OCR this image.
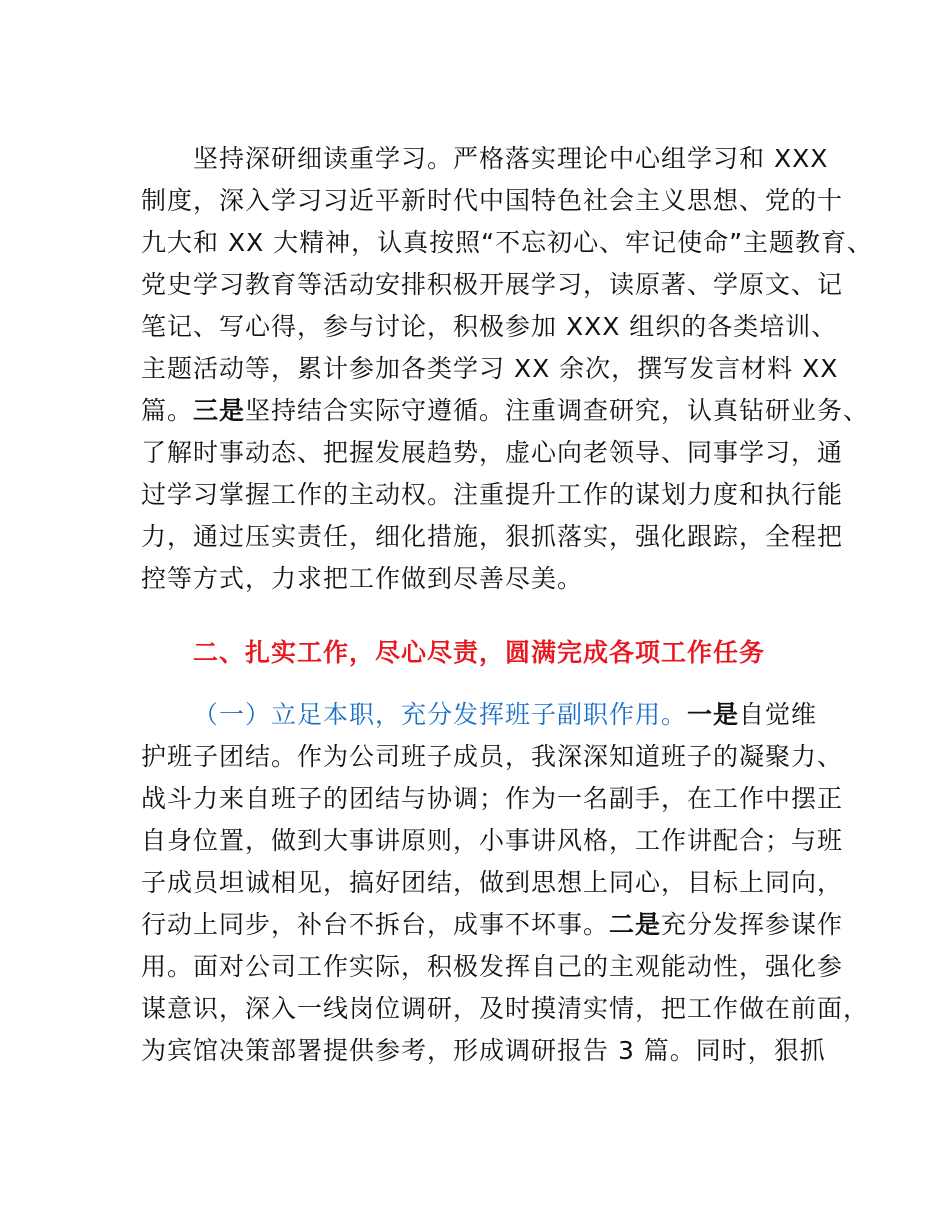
坚持深研细读重学习。严格落实理论中心组学习和 XXX
制度，深入学习习近平新时代中国特色社会主义思想、党的十
九大和 XX 大精神，认真按照“不忘初心、牢记使命”主题教育、
党史学习教育等活动安排积极开展学习，读原著、学原文、记
笔记、写心得，参与讨论，积极参加 XXX 组织的各类培训、
主题活动等，累计参加各类学习 XX 余次，撰写发言材料 XX
篇。三是坚持结合实际守遵循。注重调查研究，认真钻研业务、
了解时事动态、把握发展趋势，虚心向老领导、同事学习，通
过学习掌握工作的主动权。注重提升工作的谋划力度和执行能
力，通过压实责任，细化措施，狠抓落实，强化跟踪，全程把
控等方式，力求把工作做到尽善尽美。
二、扎实工作，尽心尽责，圆满完成各项工作任务
（一）立足本职，充分发挥班子副职作用。一是自觉维
护班子团结。作为公司班子成员，我深深知道班子的凝聚力、
战斗力来自班子的团结与协调；作为一名副手，在工作中摆正
自身位置，做到大事讲原则，小事讲风格，工作讲配合；与班
子成员坦诚相见，搞好团结，做到思想上同心，目标上同向，
行动上同步，补台不拆台，成事不坏事。二是充分发挥参谋作
用。面对公司工作实际，积极发挥自己的主观能动性，强化参
谋意识，深入一线岗位调研，及时摸清实情，把工作做在前面，
为宾馆决策部署提供参考，形成调研报告 3 篇。同时，狠抓
